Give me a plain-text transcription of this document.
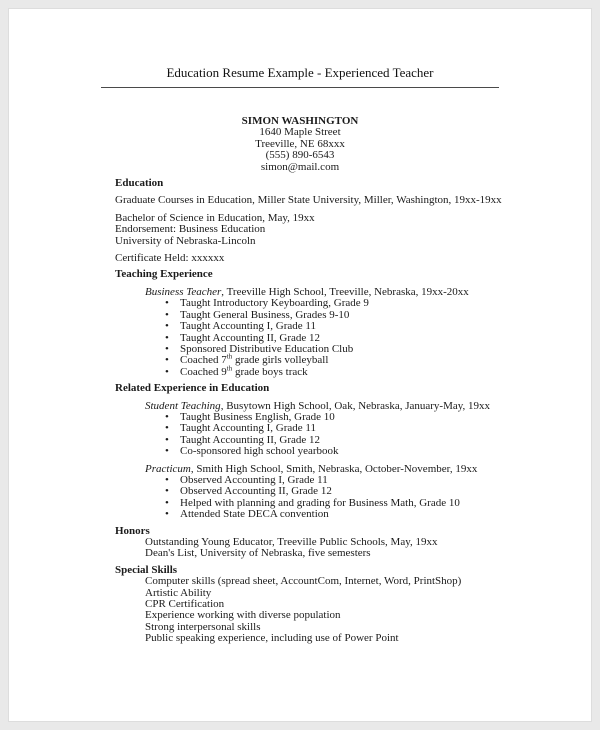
Education Resume Example - Experienced Teacher
SIMON WASHINGTON
1640 Maple Street
Treeville, NE 68xxx
(555) 890-6543
simon@mail.com
Education
Graduate Courses in Education, Miller State University, Miller, Washington, 19xx-19xx
Bachelor of Science in Education, May, 19xx
Endorsement: Business Education
University of Nebraska-Lincoln
Certificate Held: xxxxxx
Teaching Experience
Business Teacher, Treeville High School, Treeville, Nebraska, 19xx-20xx
•	Taught Introductory Keyboarding, Grade 9
•	Taught General Business, Grades 9-10
•	Taught Accounting I, Grade 11
•	Taught Accounting II, Grade 12
•	Sponsored Distributive Education Club
•	Coached 7th grade girls volleyball
•	Coached 9th grade boys track
Related Experience in Education
Student Teaching, Busytown High School, Oak, Nebraska, January-May, 19xx
•	Taught Business English, Grade 10
•	Taught Accounting I, Grade 11
•	Taught Accounting II, Grade 12
•	Co-sponsored high school yearbook
Practicum, Smith High School, Smith, Nebraska, October-November, 19xx
•	Observed Accounting I, Grade 11
•	Observed Accounting II, Grade 12
•	Helped with planning and grading for Business Math, Grade 10
•	Attended State DECA convention
Honors
Outstanding Young Educator, Treeville Public Schools, May, 19xx
Dean's List, University of Nebraska, five semesters
Special Skills
Computer skills (spread sheet, AccountCom, Internet, Word, PrintShop)
Artistic Ability
CPR Certification
Experience working with diverse population
Strong interpersonal skills
Public speaking experience, including use of Power Point
